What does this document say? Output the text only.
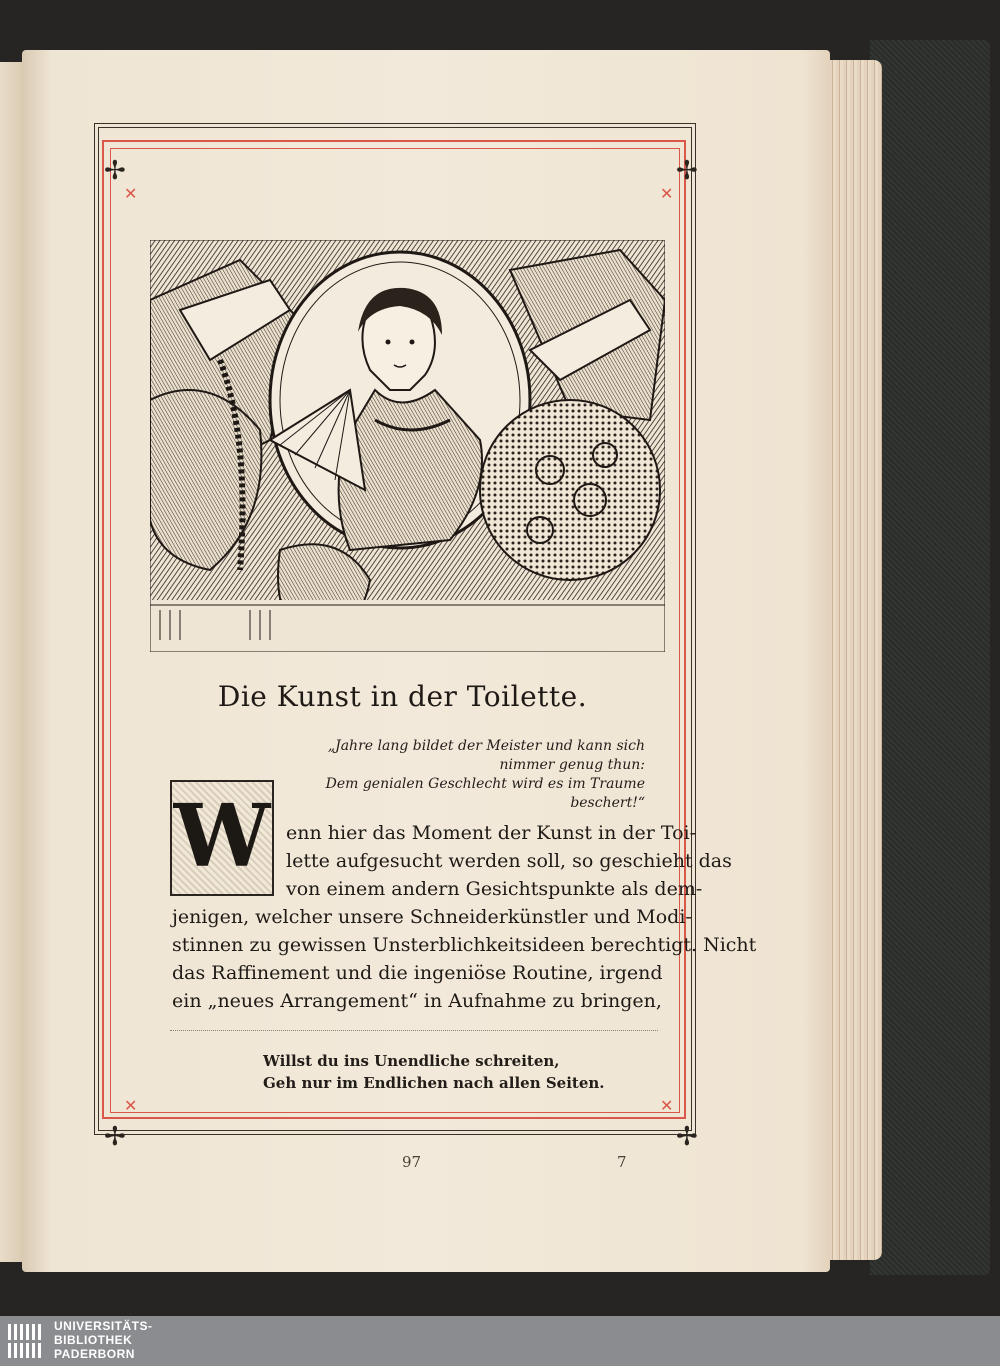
✢	✢
✢	✢
✕	✕
✕	✕
Die Kunst in der Toilette.
„Jahre lang bildet der Meister und kann sich
nimmer genug thun:
Dem genialen Geschlecht wird es im Traume
beschert!“
W enn hier das Moment der Kunst in der Toi-
lette aufgesucht werden soll, so geschieht das
von einem andern Gesichtspunkte als dem-
jenigen, welcher unsere Schneiderkünstler und Modi-
stinnen zu gewissen Unsterblichkeitsideen berechtigt. Nicht
das Raffinement und die ingeniöse Routine, irgend
ein „neues Arrangement“ in Aufnahme zu bringen,
Willst du ins Unendliche schreiten,
Geh nur im Endlichen nach allen Seiten.
97	7
UNIVERSITÄTS-
BIBLIOTHEK
PADERBORN
